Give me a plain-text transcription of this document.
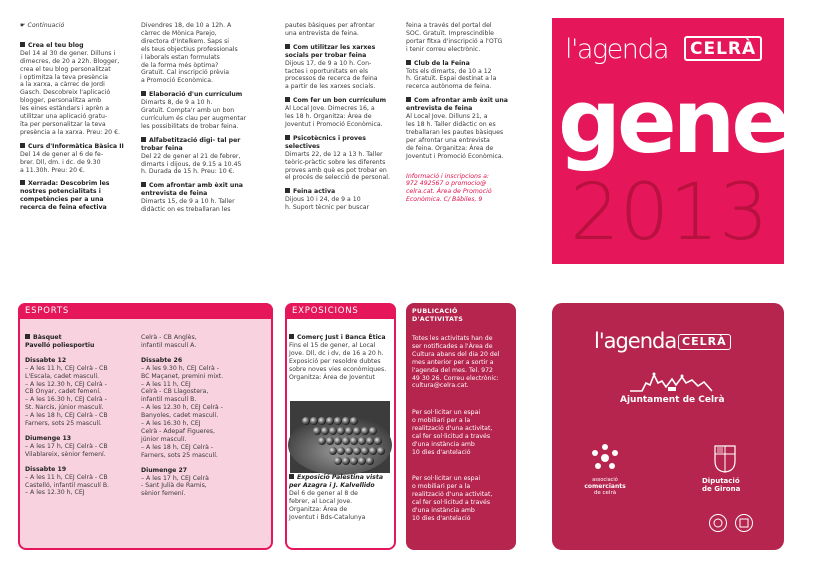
☛ Continuació
Crea el teu blog
Del 14 al 30 de gener. Dilluns i
dimecres, de 20 a 22h. Blogger,
crea el teu blog personalitzat
i optimitza la teva presència
a la xarxa, a càrrec de Jordi
Gasch. Descobreix l'aplicació
blogger, personalitza amb
les eines estàndars i aprèn a
utilitzar una aplicació gratu-
ïta per personalitzar la teva
presència a la xarxa. Preu: 20 €.
Curs d'Informàtica Bàsica II
Del 14 de gener al 6 de fe-
brer. Dll, dm. i dc. de 9.30
a 11.30h. Preu: 20 €.
Xerrada: Descobrim les nostres potencialitats i competències per a una recerca de feina efectiva
Divendres 18, de 10 a 12h. A
càrrec de Mònica Parejo,
directora d'Intelkem. Saps si
els teus objectius professionals
i laborals estan formulats
de la forma més òptima?
Gratuït. Cal inscripció prèvia
a Promoció Econòmica.
Elaboració d'un currículum
Dimarts 8, de 9 a 10 h.
Gratuït. Compta'r amb un bon
currículum és clau per augmentar
les possibilitats de trobar feina.
Alfabetització digi- tal per trobar feina
Del 22 de gener al 21 de febrer,
dimarts i dijous, de 9.15 a 10.45
h. Durada de 15 h. Preu: 10 €.
Com afrontar amb èxit una entrevista de feina
Dimarts 15, de 9 a 10 h. Taller
didàctic on es treballaran les
pautes bàsiques per afrontar
una entrevista de feina.
Com utilitzar les xarxes socials per trobar feina
Dijous 17, de 9 a 10 h. Con-
tactes i oportunitats en els
processos de recerca de feina
a partir de les xarxes socials.
Com fer un bon currículum
Al Local Jove. Dimecres 16, a
les 18 h. Organitza: Àrea de
Joventut i Promoció Econòmica.
Psicotècnics i proves selectives
Dimarts 22, de 12 a 13 h. Taller
teòric-pràctic sobre les diferents
proves amb què es pot trobar en
el procés de selecció de personal.
Feina activa
Dijous 10 i 24, de 9 a 10
h. Suport tècnic per buscar
feina a través del portal del
SOC. Gratuït. Imprescindible
portar fitxa d'inscripció a l'OTG
i tenir correu electrònic.
Club de la Feina
Tots els dimarts, de 10 a 12
h. Gratuït. Espai destinat a la
recerca autònoma de feina.
Com afrontar amb èxit una entrevista de feina
Al Local Jove. Dilluns 21, a
les 18 h. Taller didàctic on es
treballaran les pautes bàsiques
per afrontar una entrevista
de feina. Organitza: Àrea de
Joventut i Promoció Econòmica.
Informació i inscripcions a:
972 492567 o promocio@
celra.cat. Àrea de Promoció
Econòmica. C/ Bàbiles, 9
l'agenda	CELRÀ
gener
2013
ESPORTS
Bàsquet
Pavelló poliesportiu
Dissabte 12
– A les 11 h, CEJ Celrà - CB
L'Escala, cadet masculí.
– A les 12.30 h, CEJ Celrà -
CB Onyar, cadet femení.
– A les 16.30 h, CEJ Celrà -
St. Narcís, júnior masculí.
– A les 18 h, CEJ Celrà - CB
Farners, sots 25 masculí.
Diumenge 13
– A les 17 h, CEJ Celrà - CB
Vilablareix, sènior femení.
Dissabte 19
– A les 11 h, CEJ Celrà - CB
Castelló, infantil masculí B.
– A les 12.30 h, CEJ
Celrà - CB Anglès,
infantil masculí A.
Dissabte 26
– A les 9.30 h, CEJ Celrà -
BC Maçanet, premini mixt.
– A les 11 h, CEJ
Celrà - CB Llagostera,
infantil masculí B.
– A les 12.30 h, CEJ Celrà -
Banyoles, cadet masculí.
– A les 16.30 h, CEJ
Celrà - Adepaf Figueres,
júnior masculí.
– A les 18 h, CEJ Celrà -
Farners, sots 25 masculí.
Diumenge 27
– A les 17 h, CEJ Celrà
- Sant Julià de Ramis,
sènior femení.
EXPOSICIONS
Comerç Just i Banca Ètica
Fins el 15 de gener, al Local
Jove. Dll, dc i dv, de 16 a 20 h.
Exposició per resoldre dubtes
sobre noves vies econòmiques.
Organitza: Àrea de Joventut
Exposició Palestina vista per Azagra i J. Kalvellido
Del 6 de gener al 8 de
febrer, al Local Jove.
Organitza: Àrea de
Joventut i Bds-Catalunya
PUBLICACIÓ
D'ACTIVITATS
Totes les activitats han de
ser notificades a l'Àrea de
Cultura abans del dia 20 del
mes anterior per a sortir a
l'agenda del mes. Tel. 972
49 30 26. Correu electrònic:
cultura@celra.cat.
Per sol·licitar un espai
o mobiliari per a la
realització d'una activitat,
cal fer sol·licitud a través
d'una instància amb
10 dies d'antelació
Per sol·licitar un espai
o mobiliari per a la
realització d'una activitat,
cal fer sol·licitud a través
d'una instància amb
10 dies d'antelació
l'agenda CELRÀ
Ajuntament de Celrà
associació
comerciants
de celrà
Diputació
de Girona
